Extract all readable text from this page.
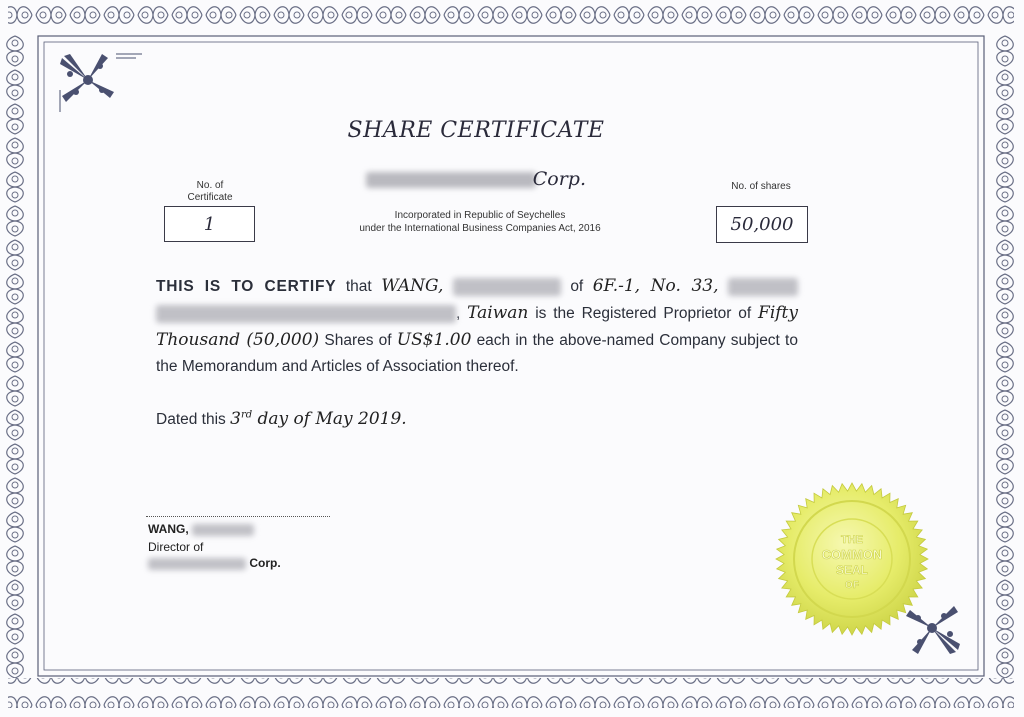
SHARE CERTIFICATE
Corp.
Incorporated in Republic of Seychelles
under the International Business Companies Act, 2016
No. of
Certificate
1
No. of shares
50,000
THIS IS TO CERTIFY that WANG,	of 6F.-1, No. 33,  , Taiwan is the Registered Proprietor of Fifty Thousand (50,000) Shares of US$1.00 each in the above-named Company subject to the Memorandum and Articles of Association thereof.
Dated this 3rd day of May 2019.
WANG,
Director of
Corp.
THE
COMMON
SEAL
OF
